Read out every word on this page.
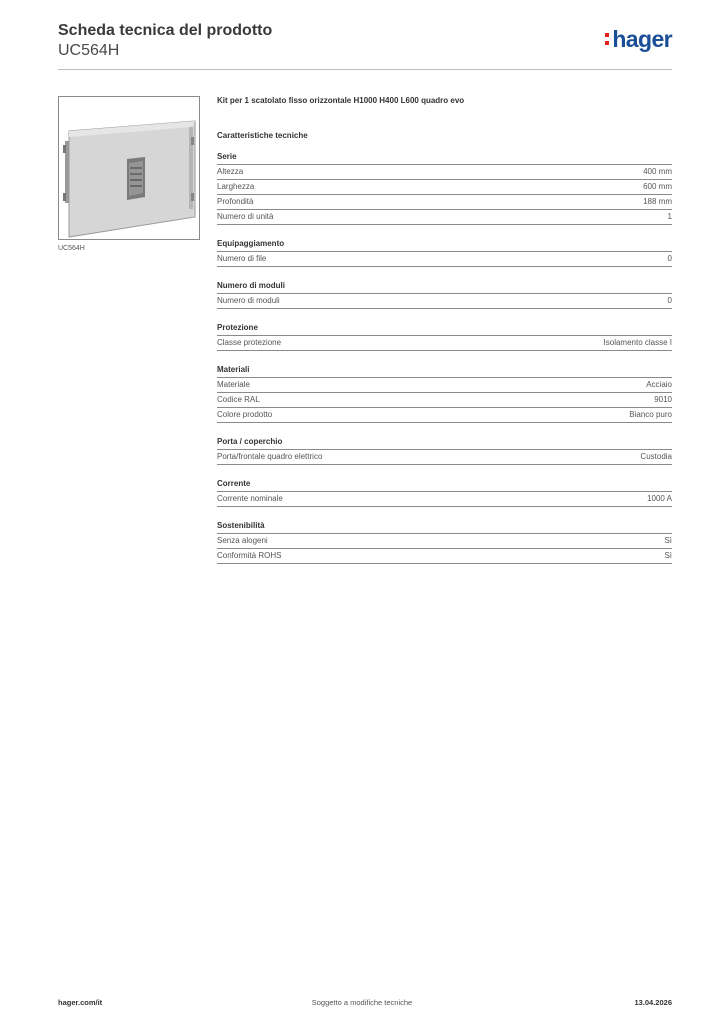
Scheda tecnica del prodotto
UC564H	hager
UC564H
Kit per 1 scatolato fisso orizzontale H1000 H400 L600 quadro evo
Caratteristiche tecniche
Serie
Altezza	400 mm
Larghezza	600 mm
Profondità	188 mm
Numero di unità	1
Equipaggiamento
Numero di file	0
Numero di moduli
Numero di moduli	0
Protezione
Classe protezione	Isolamento classe I
Materiali
Materiale	Acciaio
Codice RAL	9010
Colore prodotto	Bianco puro
Porta / coperchio
Porta/frontale quadro elettrico	Custodia
Corrente
Corrente nominale	1000 A
Sostenibilità
Senza alogeni	Sì
Conformità ROHS	Sì
hager.com/it	Soggetto a modifiche tecniche	13.04.2026
